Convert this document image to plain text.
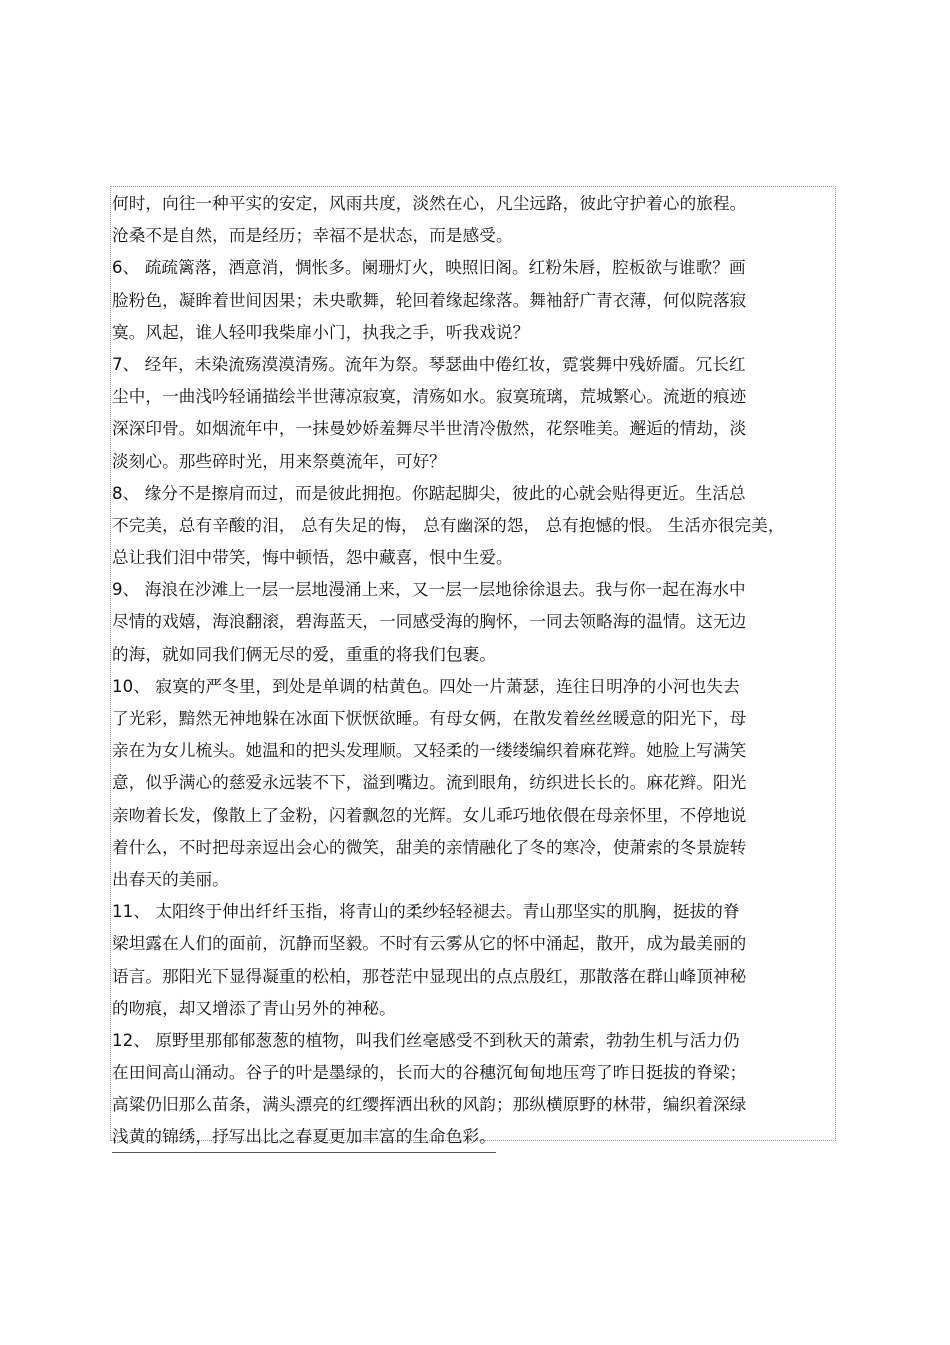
何时，向往一种平实的安定，风雨共度，淡然在心，凡尘远路，彼此守护着心的旅程。
沧桑不是自然，而是经历；幸福不是状态，而是感受。
6、 疏疏篱落，酒意消，惆怅多。阑珊灯火，映照旧阁。红粉朱唇，腔板欲与谁歌？画
脸粉色，凝眸着世间因果；未央歌舞，轮回着缘起缘落。舞袖舒广青衣薄，何似院落寂
寞。风起，谁人轻叩我柴扉小门，执我之手，听我戏说？
7、 经年，未染流殇漠漠清殇。流年为祭。琴瑟曲中倦红妆，霓裳舞中残娇靥。冗长红
尘中，一曲浅吟轻诵描绘半世薄凉寂寞，清殇如水。寂寞琉璃，荒城繁心。流逝的痕迹
深深印骨。如烟流年中，一抹曼妙娇羞舞尽半世清冷傲然，花祭唯美。邂逅的情劫，淡
淡刻心。那些碎时光，用来祭奠流年，可好？
8、 缘分不是擦肩而过，而是彼此拥抱。你踮起脚尖，彼此的心就会贴得更近。生活总
不完美，总有辛酸的泪， 总有失足的悔， 总有幽深的怨， 总有抱憾的恨。 生活亦很完美，
总让我们泪中带笑，悔中顿悟，怨中藏喜，恨中生爱。
9、 海浪在沙滩上一层一层地漫涌上来，又一层一层地徐徐退去。我与你一起在海水中
尽情的戏嬉，海浪翻滚，碧海蓝天，一同感受海的胸怀，一同去领略海的温情。这无边
的海，就如同我们俩无尽的爱，重重的将我们包裹。
10、 寂寞的严冬里，到处是单调的枯黄色。四处一片萧瑟，连往日明净的小河也失去
了光彩，黯然无神地躲在冰面下恹恹欲睡。有母女俩，在散发着丝丝暖意的阳光下，母
亲在为女儿梳头。她温和的把头发理顺。又轻柔的一缕缕编织着麻花辫。她脸上写满笑
意，似乎满心的慈爱永远装不下，溢到嘴边。流到眼角，纺织进长长的。麻花辫。阳光
亲吻着长发，像散上了金粉，闪着飘忽的光辉。女儿乖巧地依偎在母亲怀里，不停地说
着什么，不时把母亲逗出会心的微笑，甜美的亲情融化了冬的寒冷，使萧索的冬景旋转
出春天的美丽。
11、 太阳终于伸出纤纤玉指，将青山的柔纱轻轻褪去。青山那坚实的肌胸，挺拔的脊
梁坦露在人们的面前，沉静而坚毅。不时有云雾从它的怀中涌起，散开，成为最美丽的
语言。那阳光下显得凝重的松柏，那苍茫中显现出的点点殷红，那散落在群山峰顶神秘
的吻痕，却又增添了青山另外的神秘。
12、 原野里那郁郁葱葱的植物，叫我们丝毫感受不到秋天的萧索，勃勃生机与活力仍
在田间高山涌动。谷子的叶是墨绿的，长而大的谷穗沉甸甸地压弯了昨日挺拔的脊梁；
高粱仍旧那么苗条，满头漂亮的红缨挥洒出秋的风韵；那纵横原野的林带，编织着深绿
浅黄的锦绣，抒写出比之春夏更加丰富的生命色彩。
